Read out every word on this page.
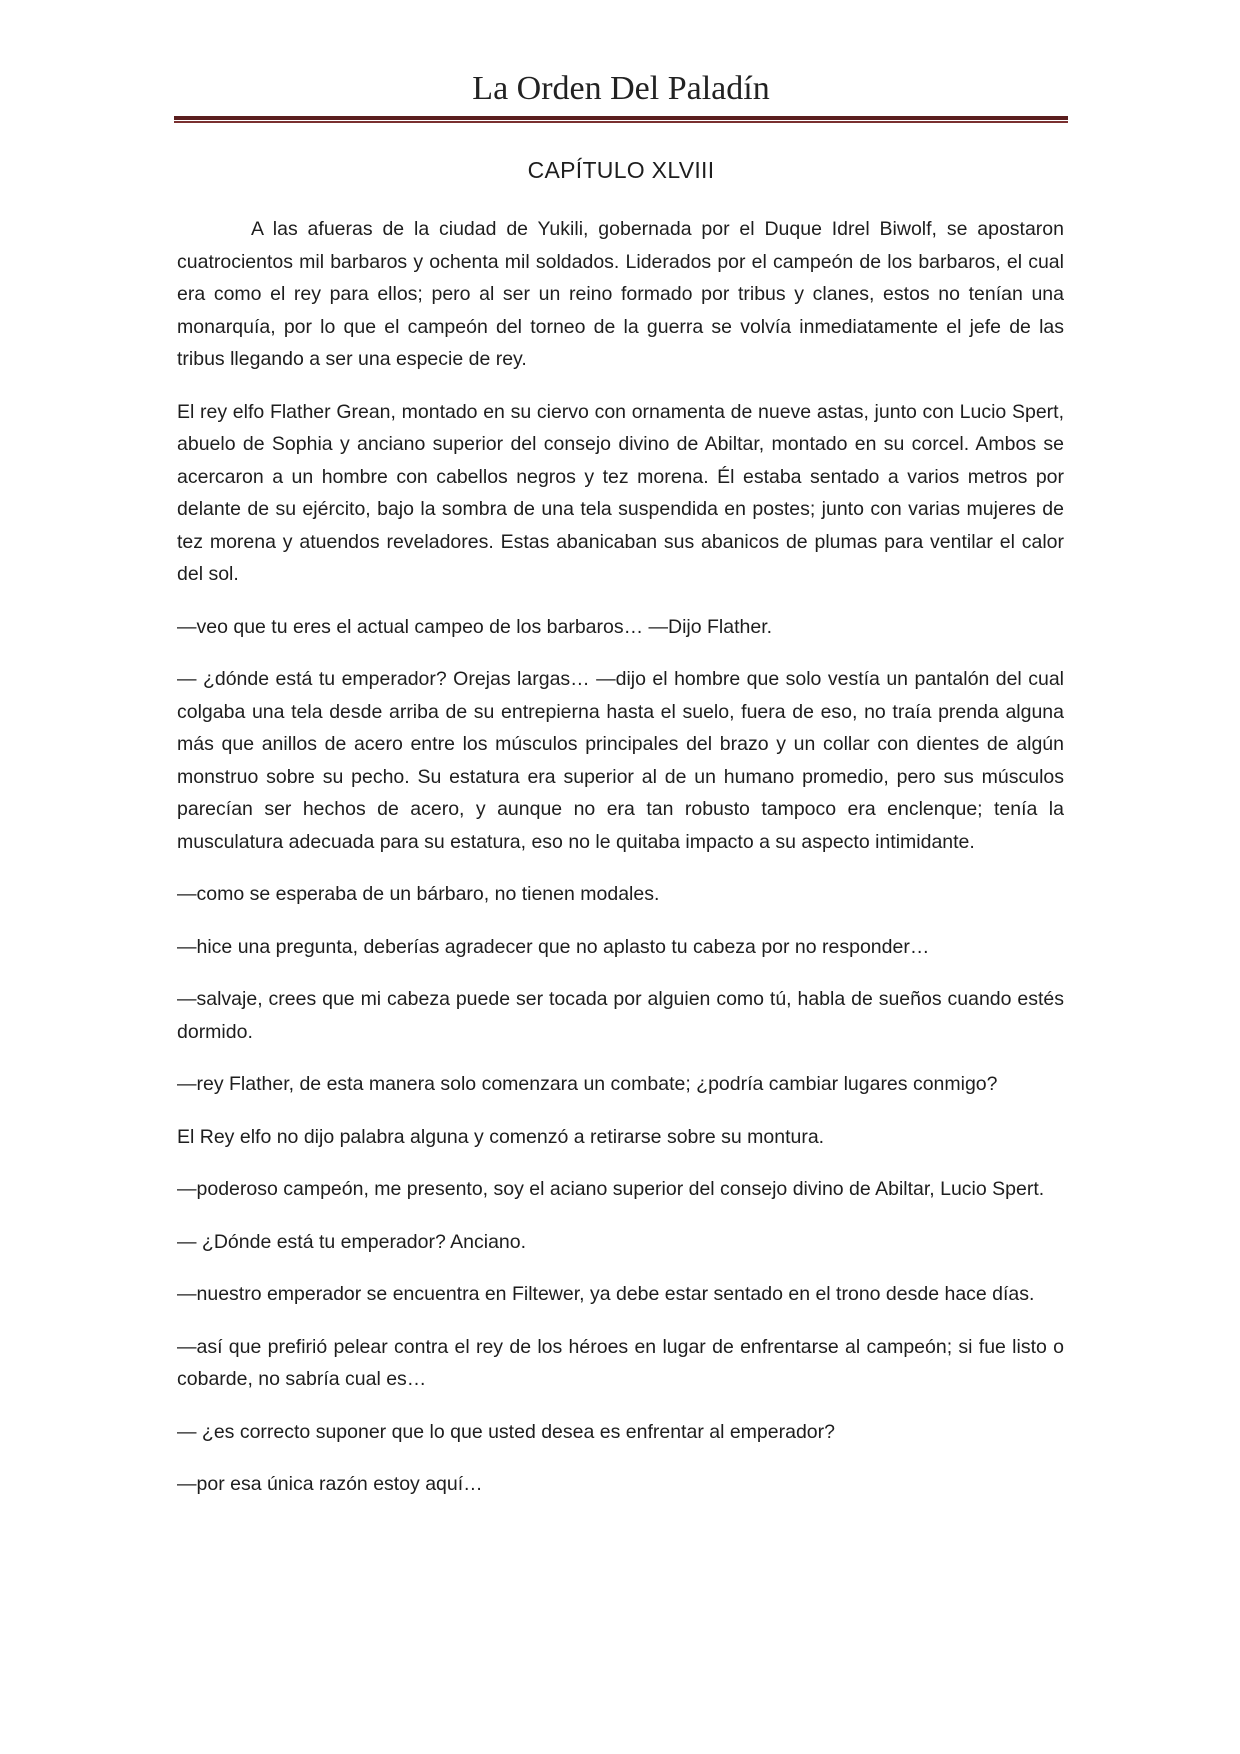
La Orden Del Paladín
CAPÍTULO XLVIII

A las afueras de la ciudad de Yukili, gobernada por el Duque Idrel Biwolf, se apostaron cuatrocientos mil barbaros y ochenta mil soldados. Liderados por el campeón de los barbaros, el cual era como el rey para ellos; pero al ser un reino formado por tribus y clanes, estos no tenían una monarquía, por lo que el campeón del torneo de la guerra se volvía inmediatamente el jefe de las tribus llegando a ser una especie de rey.

El rey elfo Flather Grean, montado en su ciervo con ornamenta de nueve astas, junto con Lucio Spert, abuelo de Sophia y anciano superior del consejo divino de Abiltar, montado en su corcel. Ambos se acercaron a un hombre con cabellos negros y tez morena. Él estaba sentado a varios metros por delante de su ejército, bajo la sombra de una tela suspendida en postes; junto con varias mujeres de tez morena y atuendos reveladores. Estas abanicaban sus abanicos de plumas para ventilar el calor del sol.

—veo que tu eres el actual campeo de los barbaros… —Dijo Flather.

— ¿dónde está tu emperador? Orejas largas… —dijo el hombre que solo vestía un pantalón del cual colgaba una tela desde arriba de su entrepierna hasta el suelo, fuera de eso, no traía prenda alguna más que anillos de acero entre los músculos principales del brazo y un collar con dientes de algún monstruo sobre su pecho. Su estatura era superior al de un humano promedio, pero sus músculos parecían ser hechos de acero, y aunque no era tan robusto tampoco era enclenque; tenía la musculatura adecuada para su estatura, eso no le quitaba impacto a su aspecto intimidante.

—como se esperaba de un bárbaro, no tienen modales.

—hice una pregunta, deberías agradecer que no aplasto tu cabeza por no responder…

—salvaje, crees que mi cabeza puede ser tocada por alguien como tú, habla de sueños cuando estés dormido.

—rey Flather, de esta manera solo comenzara un combate; ¿podría cambiar lugares conmigo?

El Rey elfo no dijo palabra alguna y comenzó a retirarse sobre su montura.

—poderoso campeón, me presento, soy el aciano superior del consejo divino de Abiltar, Lucio Spert.

— ¿Dónde está tu emperador? Anciano.

—nuestro emperador se encuentra en Filtewer, ya debe estar sentado en el trono desde hace días.

—así que prefirió pelear contra el rey de los héroes en lugar de enfrentarse al campeón; si fue listo o cobarde, no sabría cual es…

— ¿es correcto suponer que lo que usted desea es enfrentar al emperador?

—por esa única razón estoy aquí…
